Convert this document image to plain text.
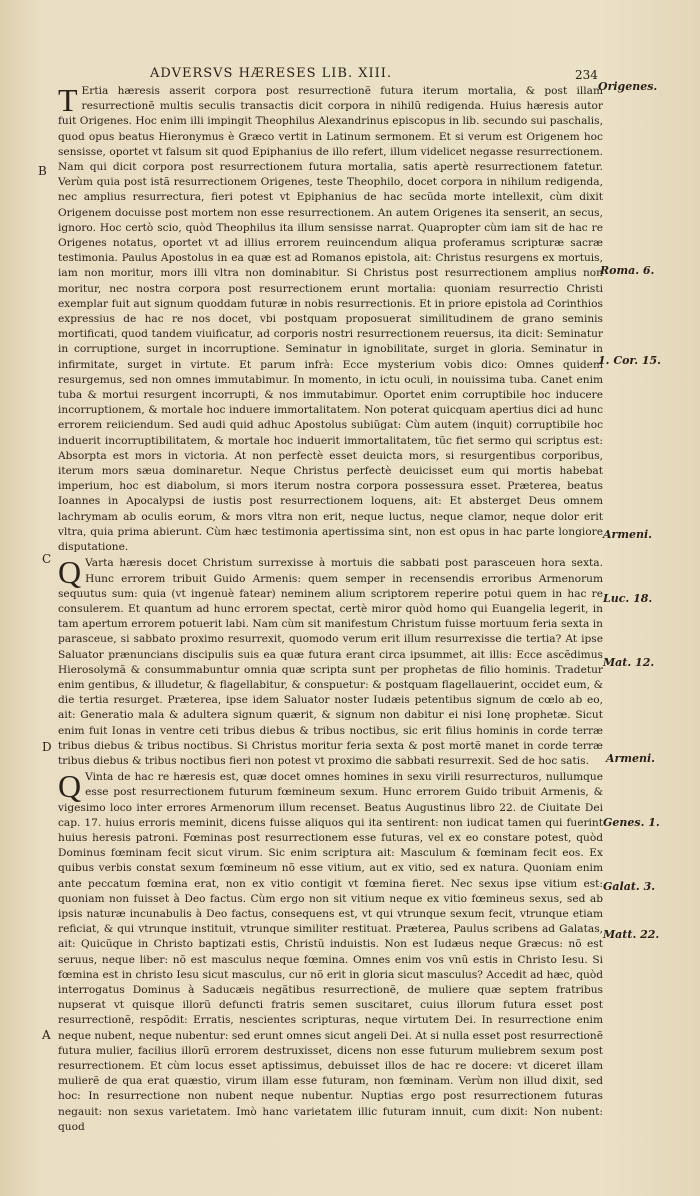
ADVERSVS HÆRESES LIB. XIII.	234

T Ertia hæresis asserit corpora post resurrectionẽ futura iterum mortalia, & post illam resurrectionẽ multis seculis transactis dicit corpora in nihilũ redigenda. Huius hæresis autor fuit Origenes. Hoc enim illi impingit Theophilus Alexandrinus episcopus in lib. secundo sui paschalis, quod opus beatus Hieronymus è Græco vertit in Latinum sermonem. Et si verum est Origenem hoc sensisse, oportet vt falsum sit quod Epiphanius de illo refert, illum videlicet negasse resurrectionem. Nam qui dicit corpora post resurrectionem futura mortalia, satis apertè resurrectionem fatetur. Verùm quia post istã resurrectionem Origenes, teste Theophilo, docet corpora in nihilum redigenda, nec amplius resurrectura, fieri potest vt Epiphanius de hac secũda morte intellexit, cùm dixit Origenem docuisse post mortem non esse resurrectionem. An autem Origenes ita senserit, an secus, ignoro. Hoc certò scio, quòd Theophilus ita illum sensisse narrat. Quapropter cùm iam sit de hac re Origenes notatus, oportet vt ad illius errorem reuincendum aliqua proferamus scripturæ sacræ testimonia. Paulus Apostolus in ea quæ est ad Romanos epistola, ait: Christus resurgens ex mortuis, iam non moritur, mors illi vltra non dominabitur. Si Christus post resurrectionem amplius non moritur, nec nostra corpora post resurrectionem erunt mortalia: quoniam resurrectio Christi exemplar fuit aut signum quoddam futuræ in nobis resurrectionis. Et in priore epistola ad Corinthios expressius de hac re nos docet, vbi postquam proposuerat similitudinem de grano seminis mortificati, quod tandem viuificatur, ad corporis nostri resurrectionem reuersus, ita dicit: Seminatur in corruptione, surget in incorruptione. Seminatur in ignobilitate, surget in gloria. Seminatur in infirmitate, surget in virtute. Et parum infrà: Ecce mysterium vobis dico: Omnes quidem resurgemus, sed non omnes immutabimur. In momento, in ictu oculi, in nouissima tuba. Canet enim tuba & mortui resurgent incorrupti, & nos immutabimur. Oportet enim corruptibile hoc inducere incorruptionem, & mortale hoc induere immortalitatem. Non poterat quicquam apertius dici ad hunc errorem reiiciendum. Sed audi quid adhuc Apostolus subiũgat: Cùm autem (inquit) corruptibile hoc induerit incorruptibilitatem, & mortale hoc induerit immortalitatem, tũc fiet sermo qui scriptus est: Absorpta est mors in victoria. At non perfectè esset deuicta mors, si resurgentibus corporibus, iterum mors sæua dominaretur. Neque Christus perfectè deuicisset eum qui mortis habebat imperium, hoc est diabolum, si mors iterum nostra corpora possessura esset. Præterea, beatus Ioannes in Apocalypsi de iustis post resurrectionem loquens, ait: Et absterget Deus omnem lachrymam ab oculis eorum, & mors vltra non erit, neque luctus, neque clamor, neque dolor erit vltra, quia prima abierunt. Cùm hæc testimonia apertissima sint, non est opus in hac parte longiore disputatione.

Q Varta hæresis docet Christum surrexisse à mortuis die sabbati post parasceuen hora sexta. Hunc errorem tribuit Guido Armenis: quem semper in recensendis erroribus Armenorum sequutus sum: quia (vt ingenuè fatear) neminem alium scriptorem reperire potui quem in hac re consulerem. Et quantum ad hunc errorem spectat, certè miror quòd homo qui Euangelia legerit, in tam apertum errorem potuerit labi. Nam cùm sit manifestum Christum fuisse mortuum feria sexta in parasceue, si sabbato proximo resurrexit, quomodo verum erit illum resurrexisse die tertia? At ipse Saluator prænuncians discipulis suis ea quæ futura erant circa ipsummet, ait illis: Ecce ascẽdimus Hierosolymã & consummabuntur omnia quæ scripta sunt per prophetas de filio hominis. Tradetur enim gentibus, & illudetur, & flagellabitur, & conspuetur: & postquam flagellauerint, occidet eum, & die tertia resurget. Præterea, ipse idem Saluator noster Iudæis petentibus signum de cœlo ab eo, ait: Generatio mala & adultera signum quærit, & signum non dabitur ei nisi Ionę prophetæ. Sicut enim fuit Ionas in ventre ceti tribus diebus & tribus noctibus, sic erit filius hominis in corde terræ tribus diebus & tribus noctibus. Si Christus moritur feria sexta & post mortẽ manet in corde terræ tribus diebus & tribus noctibus fieri non potest vt proximo die sabbati resurrexit. Sed de hoc satis.

Q Vinta de hac re hæresis est, quæ docet omnes homines in sexu virili resurrecturos, nullumque esse post resurrectionem futurum fœmineum sexum. Hunc errorem Guido tribuit Armenis, & vigesimo loco inter errores Armenorum illum recenset. Beatus Augustinus libro 22. de Ciuitate Dei cap. 17. huius erroris meminit, dicens fuisse aliquos qui ita sentirent: non iudicat tamen qui fuerint huius heresis patroni. Fœminas post resurrectionem esse futuras, vel ex eo constare potest, quòd Dominus fœminam fecit sicut virum. Sic enim scriptura ait: Masculum & fœminam fecit eos. Ex quibus verbis constat sexum fœmineum nõ esse vitium, aut ex vitio, sed ex natura. Quoniam enim ante peccatum fœmina erat, non ex vitio contigit vt fœmina fieret. Nec sexus ipse vitium est: quoniam non fuisset à Deo factus. Cùm ergo non sit vitium neque ex vitio fœmineus sexus, sed ab ipsis naturæ incunabulis à Deo factus, consequens est, vt qui vtrunque sexum fecit, vtrunque etiam reficiat, & qui vtrunque instituit, vtrunque similiter restituat. Præterea, Paulus scribens ad Galatas, ait: Quicũque in Christo baptizati estis, Christũ induistis. Non est Iudæus neque Græcus: nõ est seruus, neque liber: nõ est masculus neque fœmina. Omnes enim vos vnũ estis in Christo Iesu. Si fœmina est in christo Iesu sicut masculus, cur nõ erit in gloria sicut masculus? Accedit ad hæc, quòd interrogatus Dominus à Saducæis negãtibus resurrectionẽ, de muliere quæ septem fratribus nupserat vt quisque illorũ defuncti fratris semen suscitaret, cuius illorum futura esset post resurrectionẽ, respõdit: Erratis, nescientes scripturas, neque virtutem Dei. In resurrectione enim neque nubent, neque nubentur: sed erunt omnes sicut angeli Dei. At si nulla esset post resurrectionẽ futura mulier, facilius illorũ errorem destruxisset, dicens non esse futurum muliebrem sexum post resurrectionem. Et cùm locus esset aptissimus, debuisset illos de hac re docere: vt diceret illam mulierẽ de qua erat quæstio, virum illam esse futuram, non fœminam. Verùm non illud dixit, sed hoc: In resurrectione non nubent neque nubentur. Nuptias ergo post resurrectionem futuras negauit: non sexus varietatem. Imò hanc varietatem illic futuram innuit, cum dixit: Non nubent: quod

Origenes.
Roma. 6.
1. Cor. 15.
Armeni.
Luc. 18.
Mat. 12.
Armeni.
Genes. 1.
Galat. 3.
Matt. 22.
B
C
D
A
